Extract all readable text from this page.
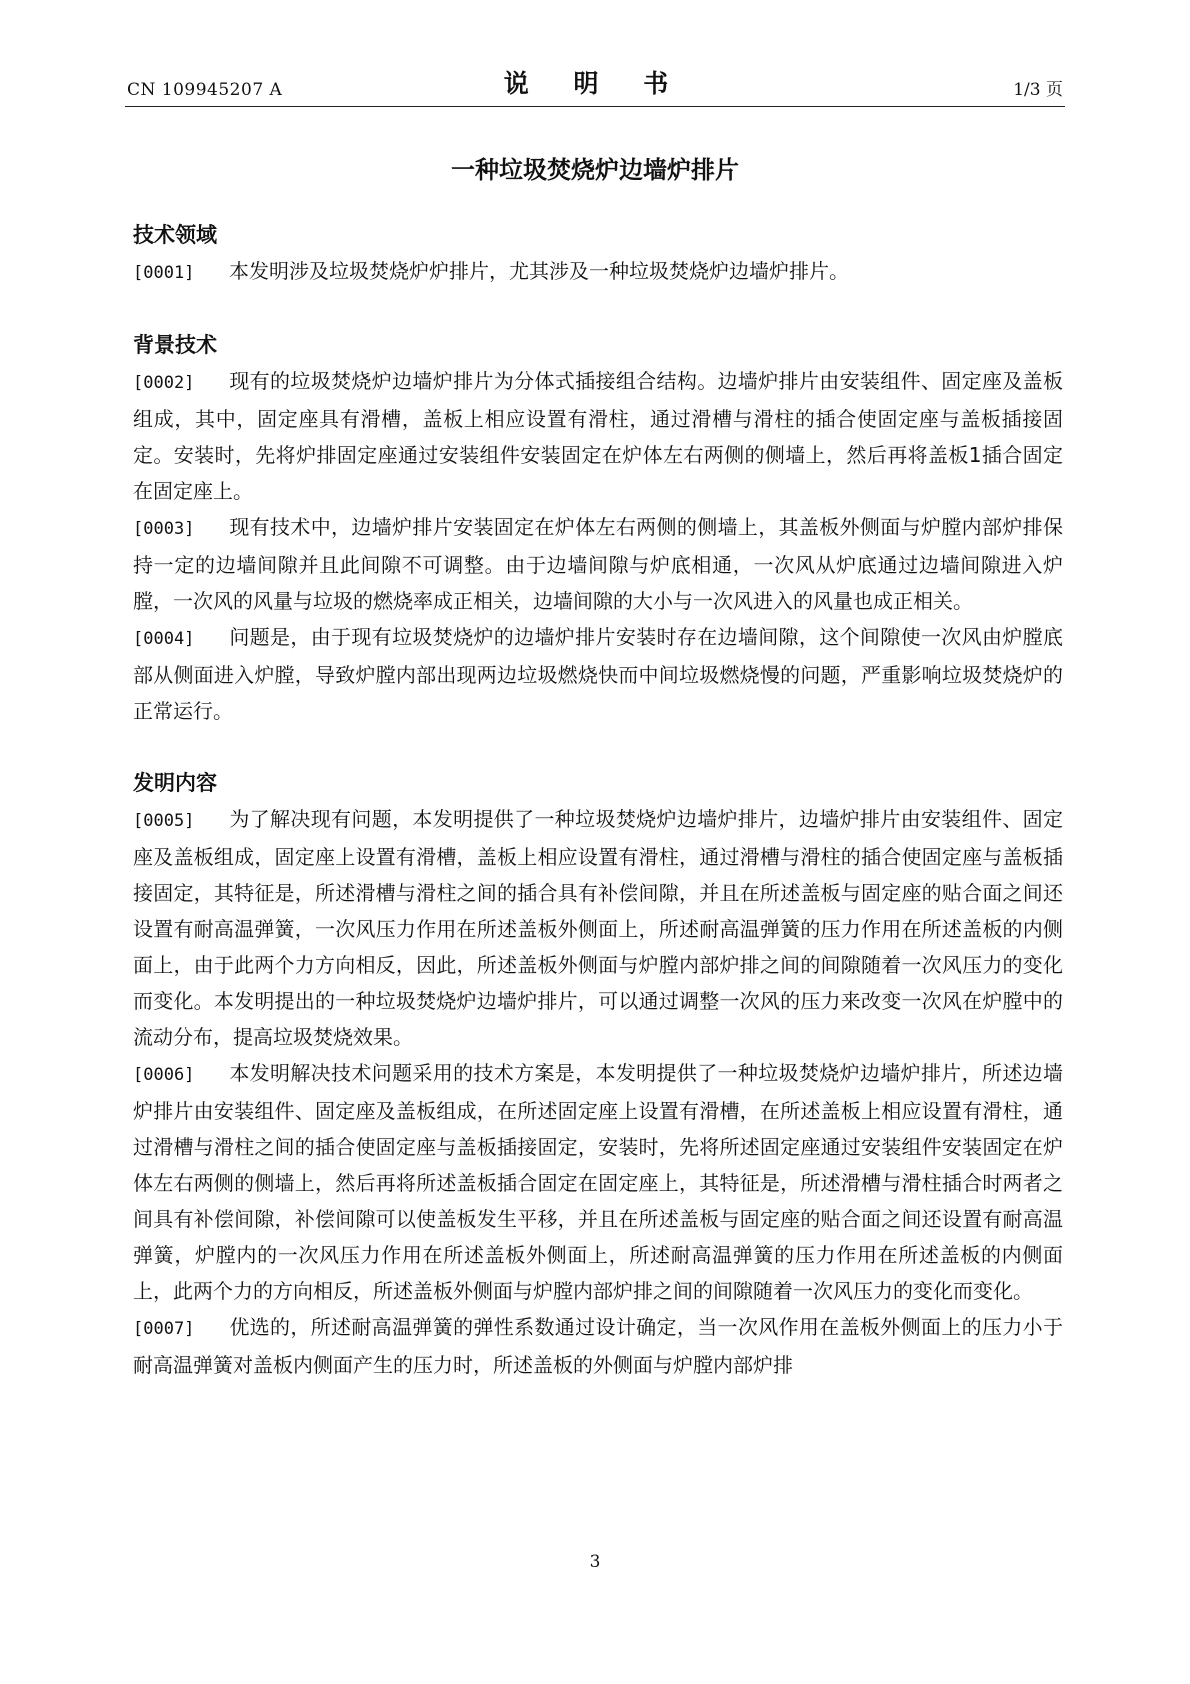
CN 109945207 A	说 明 书	1/3 页
一种垃圾焚烧炉边墙炉排片
技术领域
[0001] 本发明涉及垃圾焚烧炉炉排片，尤其涉及一种垃圾焚烧炉边墙炉排片。
背景技术
[0002] 现有的垃圾焚烧炉边墙炉排片为分体式插接组合结构。边墙炉排片由安装组件、固定座及盖板组成，其中，固定座具有滑槽，盖板上相应设置有滑柱，通过滑槽与滑柱的插合使固定座与盖板插接固定。安装时，先将炉排固定座通过安装组件安装固定在炉体左右两侧的侧墙上，然后再将盖板1插合固定在固定座上。
[0003] 现有技术中，边墙炉排片安装固定在炉体左右两侧的侧墙上，其盖板外侧面与炉膛内部炉排保持一定的边墙间隙并且此间隙不可调整。由于边墙间隙与炉底相通，一次风从炉底通过边墙间隙进入炉膛，一次风的风量与垃圾的燃烧率成正相关，边墙间隙的大小与一次风进入的风量也成正相关。
[0004] 问题是，由于现有垃圾焚烧炉的边墙炉排片安装时存在边墙间隙，这个间隙使一次风由炉膛底部从侧面进入炉膛，导致炉膛内部出现两边垃圾燃烧快而中间垃圾燃烧慢的问题，严重影响垃圾焚烧炉的正常运行。
发明内容
[0005] 为了解决现有问题，本发明提供了一种垃圾焚烧炉边墙炉排片，边墙炉排片由安装组件、固定座及盖板组成，固定座上设置有滑槽，盖板上相应设置有滑柱，通过滑槽与滑柱的插合使固定座与盖板插接固定，其特征是，所述滑槽与滑柱之间的插合具有补偿间隙，并且在所述盖板与固定座的贴合面之间还设置有耐高温弹簧，一次风压力作用在所述盖板外侧面上，所述耐高温弹簧的压力作用在所述盖板的内侧面上，由于此两个力方向相反，因此，所述盖板外侧面与炉膛内部炉排之间的间隙随着一次风压力的变化而变化。本发明提出的一种垃圾焚烧炉边墙炉排片，可以通过调整一次风的压力来改变一次风在炉膛中的流动分布，提高垃圾焚烧效果。
[0006] 本发明解决技术问题采用的技术方案是，本发明提供了一种垃圾焚烧炉边墙炉排片，所述边墙炉排片由安装组件、固定座及盖板组成，在所述固定座上设置有滑槽，在所述盖板上相应设置有滑柱，通过滑槽与滑柱之间的插合使固定座与盖板插接固定，安装时，先将所述固定座通过安装组件安装固定在炉体左右两侧的侧墙上，然后再将所述盖板插合固定在固定座上，其特征是，所述滑槽与滑柱插合时两者之间具有补偿间隙，补偿间隙可以使盖板发生平移，并且在所述盖板与固定座的贴合面之间还设置有耐高温弹簧，炉膛内的一次风压力作用在所述盖板外侧面上，所述耐高温弹簧的压力作用在所述盖板的内侧面上，此两个力的方向相反，所述盖板外侧面与炉膛内部炉排之间的间隙随着一次风压力的变化而变化。
[0007] 优选的，所述耐高温弹簧的弹性系数通过设计确定，当一次风作用在盖板外侧面上的压力小于耐高温弹簧对盖板内侧面产生的压力时，所述盖板的外侧面与炉膛内部炉排
3
